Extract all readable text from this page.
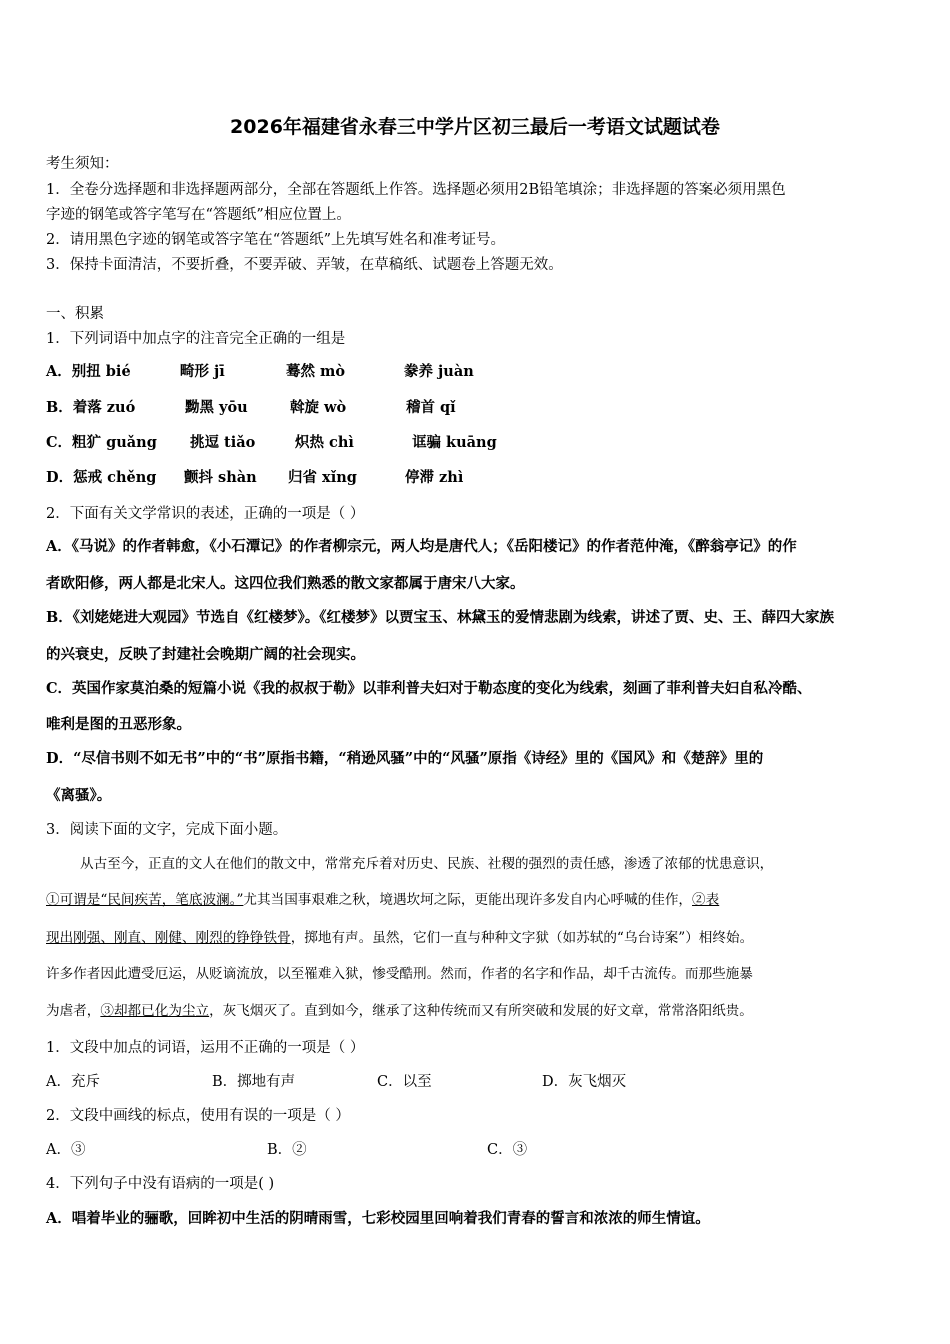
2026年福建省永春三中学片区初三最后一考语文试题试卷
考生须知：
1．全卷分选择题和非选择题两部分，全部在答题纸上作答。选择题必须用2B铅笔填涂；非选择题的答案必须用黑色
字迹的钢笔或答字笔写在“答题纸”相应位置上。
2．请用黑色字迹的钢笔或答字笔在“答题纸”上先填写姓名和准考证号。
3．保持卡面清洁，不要折叠，不要弄破、弄皱，在草稿纸、试题卷上答题无效。
一、积累
1．下列词语中加点字的注音完全正确的一组是
A．别扭 bié	畸形 jī	蓦然 mò	豢养 juàn
B．着落 zuó	黝黑 yōu	斡旋 wò	稽首 qǐ
C．粗犷 guǎng 挑逗 tiǎo	炽热 chì	诓骗 kuāng
D．惩戒 chěng 颤抖 shàn 归省 xǐng	停滞 zhì
2．下面有关文学常识的表述，正确的一项是（ ）
A．《马说》的作者韩愈，《小石潭记》的作者柳宗元，两人均是唐代人；《岳阳楼记》的作者范仲淹，《醉翁亭记》的作
者欧阳修，两人都是北宋人。这四位我们熟悉的散文家都属于唐宋八大家。
B．《刘姥姥进大观园》节选自《红楼梦》。《红楼梦》以贾宝玉、林黛玉的爱情悲剧为线索，讲述了贾、史、王、薛四大家族
的兴衰史，反映了封建社会晚期广阔的社会现实。
C．英国作家莫泊桑的短篇小说《我的叔叔于勒》以菲利普夫妇对于勒态度的变化为线索，刻画了菲利普夫妇自私冷酷、
唯利是图的丑恶形象。
D．“尽信书则不如无书”中的“书”原指书籍，“稍逊风骚”中的“风骚”原指《诗经》里的《国风》和《楚辞》里的
《离骚》。
3．阅读下面的文字，完成下面小题。
从古至今，正直的文人在他们的散文中，常常充斥着对历史、民族、社稷的强烈的责任感，渗透了浓郁的忧患意识，
①可谓是“民间疾苦，笔底波澜。”尤其当国事艰难之秋，境遇坎坷之际，更能出现许多发自内心呼喊的佳作，②表
现出刚强、刚直、刚健、刚烈的铮铮铁骨，掷地有声。虽然，它们一直与种种文字狱（如苏轼的“乌台诗案”）相终始。
许多作者因此遭受厄运，从贬谪流放，以至罹难入狱，惨受酷刑。然而，作者的名字和作品，却千古流传。而那些施暴
为虐者，③却都已化为尘立，灰飞烟灭了。直到如今，继承了这种传统而又有所突破和发展的好文章，常常洛阳纸贵。
1．文段中加点的词语，运用不正确的一项是（ ）
A．充斥	B．掷地有声	C．以至	D．灰飞烟灭
2．文段中画线的标点，使用有误的一项是（ ）
A．③	B．②	C．③
4．下列句子中没有语病的一项是( )
A．唱着毕业的骊歌，回眸初中生活的阴晴雨雪，七彩校园里回响着我们青春的誓言和浓浓的师生情谊。
